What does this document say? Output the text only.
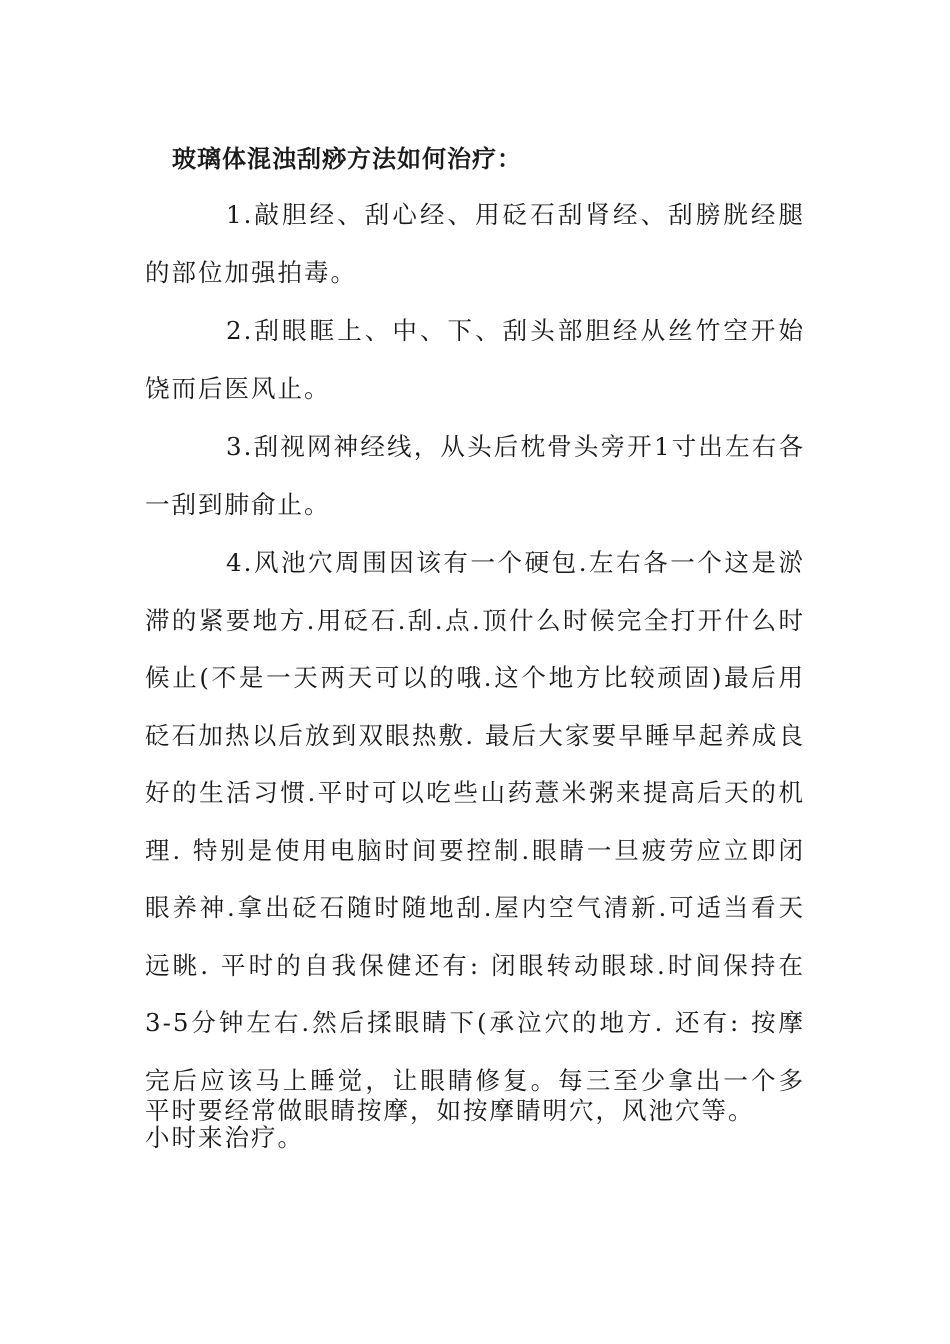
玻璃体混浊刮痧方法如何治疗：

1.敲胆经、刮心经、用砭石刮肾经、刮膀胱经腿的部位加强拍毒。

2.刮眼眶上、中、下、刮头部胆经从丝竹空开始饶而后医风止。

3.刮视网神经线，从头后枕骨头旁开1寸出左右各一刮到肺俞止。

4.风池穴周围因该有一个硬包.左右各一个这是淤滞的紧要地方.用砭石.刮.点.顶什么时候完全打开什么时候止(不是一天两天可以的哦.这个地方比较顽固)最后用砭石加热以后放到双眼热敷. 最后大家要早睡早起养成良好的生活习惯.平时可以吃些山药薏米粥来提高后天的机理. 特别是使用电脑时间要控制.眼睛一旦疲劳应立即闭眼养神.拿出砭石随时随地刮.屋内空气清新.可适当看天远眺. 平时的自我保健还有: 闭眼转动眼球.时间保持在3-5分钟左右.然后揉眼睛下(承泣穴的地方. 还有: 按摩完后应该马上睡觉，让眼睛修复。每三至少拿出一个多小时来治疗。

平时要经常做眼睛按摩，如按摩睛明穴，风池穴等。
